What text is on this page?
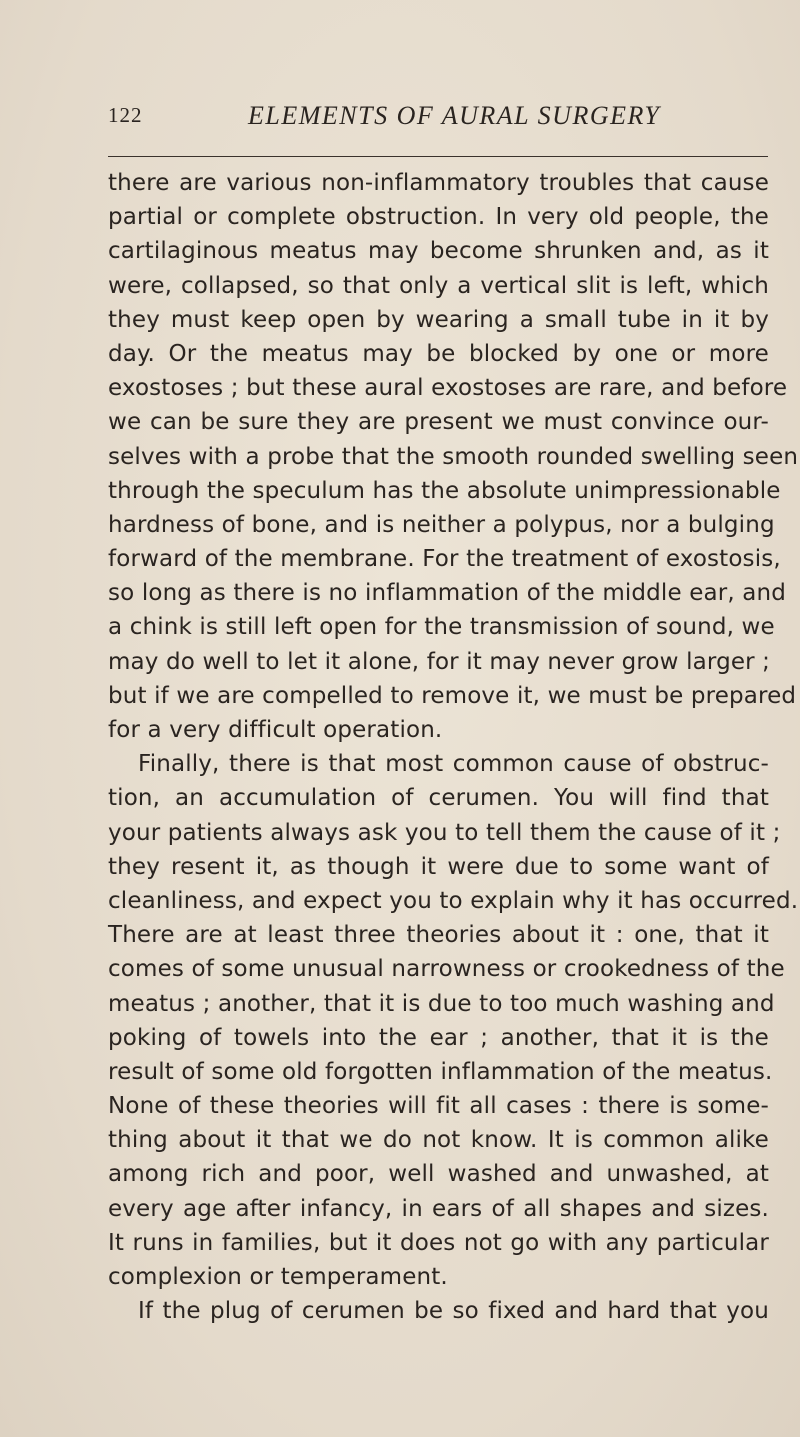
122	ELEMENTS OF AURAL SURGERY
there are various non-inflammatory troubles that cause
partial or complete obstruction. In very old people, the
cartilaginous meatus may become shrunken and, as it
were, collapsed, so that only a vertical slit is left, which
they must keep open by wearing a small tube in it by
day. Or the meatus may be blocked by one or more
exostoses ; but these aural exostoses are rare, and before
we can be sure they are present we must convince our-
selves with a probe that the smooth rounded swelling seen
through the speculum has the absolute unimpressionable
hardness of bone, and is neither a polypus, nor a bulging
forward of the membrane. For the treatment of exostosis,
so long as there is no inflammation of the middle ear, and
a chink is still left open for the transmission of sound, we
may do well to let it alone, for it may never grow larger ;
but if we are compelled to remove it, we must be prepared
for a very difficult operation.
Finally, there is that most common cause of obstruc-
tion, an accumulation of cerumen. You will find that
your patients always ask you to tell them the cause of it ;
they resent it, as though it were due to some want of
cleanliness, and expect you to explain why it has occurred.
There are at least three theories about it : one, that it
comes of some unusual narrowness or crookedness of the
meatus ; another, that it is due to too much washing and
poking of towels into the ear ; another, that it is the
result of some old forgotten inflammation of the meatus.
None of these theories will fit all cases : there is some-
thing about it that we do not know. It is common alike
among rich and poor, well washed and unwashed, at
every age after infancy, in ears of all shapes and sizes.
It runs in families, but it does not go with any particular
complexion or temperament.
If the plug of cerumen be so fixed and hard that you
